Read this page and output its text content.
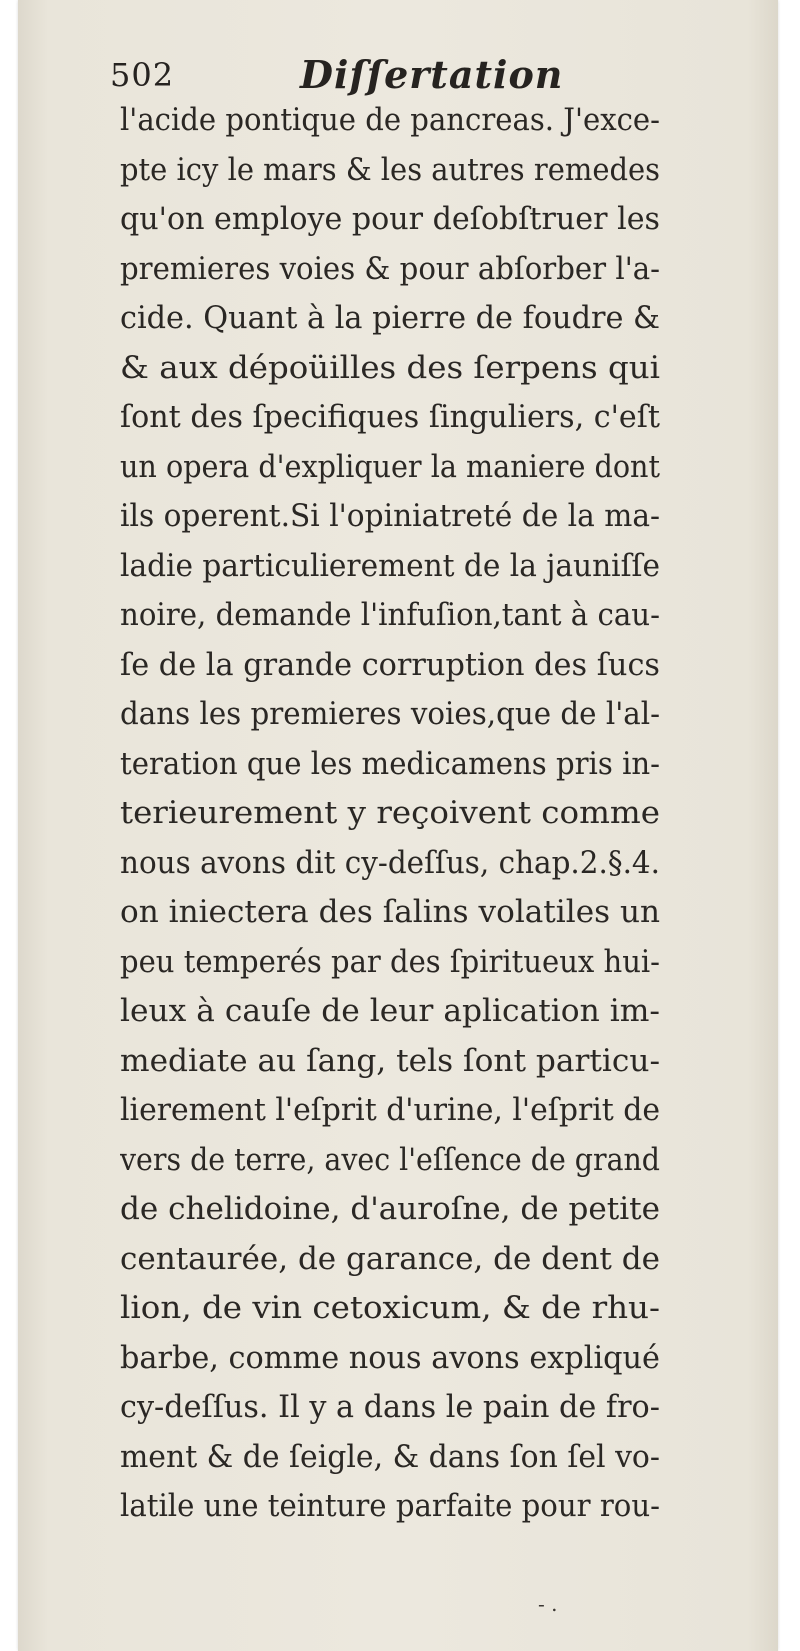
502	Diſſertation
l'acide pontique de pancreas. J'exce-
pte icy le mars & les autres remedes
qu'on employe pour deſobſtruer les
premieres voies & pour abſorber l'a-
cide. Quant à la pierre de foudre &
& aux dépoüilles des ſerpens qui
ſont des ſpecifiques ſinguliers, c'eſt
un opera d'expliquer la maniere dont
ils operent.Si l'opiniatreté de la ma-
ladie particulierement de la jauniſſe
noire, demande l'infuſion,tant à cau-
ſe de la grande corruption des ſucs
dans les premieres voies,que de l'al-
teration que les medicamens pris in-
terieurement y reçoivent comme
nous avons dit cy-deſſus, chap.2.§.4.
on iniectera des ſalins volatiles un
peu temperés par des ſpiritueux hui-
leux à cauſe de leur aplication im-
mediate au ſang, tels ſont particu-
lierement l'eſprit d'urine, l'eſprit de
vers de terre, avec l'eſſence de grand
de chelidoine, d'auroſne, de petite
centaurée, de garance, de dent de
lion, de vin cetoxicum, & de rhu-
barbe, comme nous avons expliqué
cy-deſſus. Il y a dans le pain de fro-
ment & de ſeigle, & dans ſon ſel vo-
latile une teinture parfaite pour rou-
- .
